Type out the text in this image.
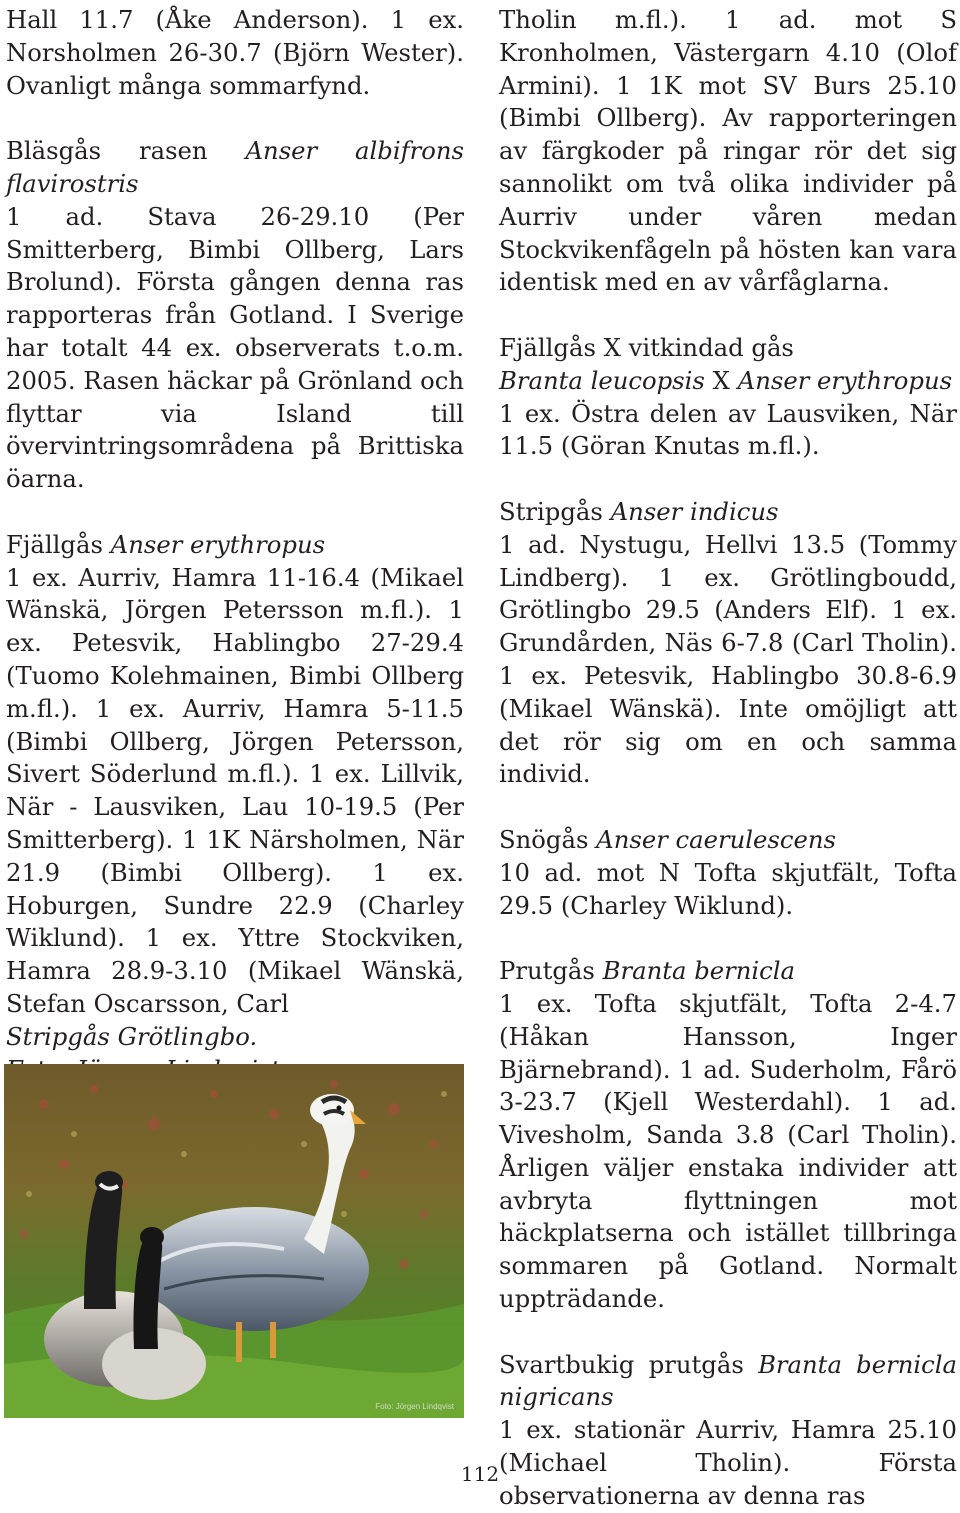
Hall 11.7 (Åke Anderson). 1 ex. Norsholmen 26-30.7 (Björn Wester). Ovanligt många sommarfynd.

Bläsgås rasen Anser albifrons flavirostris

1 ad. Stava 26-29.10 (Per Smitterberg, Bimbi Ollberg, Lars Brolund). Första gången denna ras rapporteras från Gotland. I Sverige har totalt 44 ex. observerats t.o.m. 2005. Rasen häckar på Grönland och flyttar via Island till övervintringsområdena på Brittiska öarna.

Fjällgås Anser erythropus

1 ex. Aurriv, Hamra 11-16.4 (Mikael Wänskä, Jörgen Petersson m.fl.). 1 ex. Petesvik, Hablingbo 27-29.4 (Tuomo Kolehmainen, Bimbi Ollberg m.fl.). 1 ex. Aurriv, Hamra 5-11.5 (Bimbi Ollberg, Jörgen Petersson, Sivert Söderlund m.fl.). 1 ex. Lillvik, När - Lausviken, Lau 10-19.5 (Per Smitterberg). 1 1K Närsholmen, När 21.9 (Bimbi Ollberg). 1 ex. Hoburgen, Sundre 22.9 (Charley Wiklund). 1 ex. Yttre Stockviken, Hamra 28.9-3.10 (Mikael Wänskä, Stefan Oscarsson, Carl

Stripgås Grötlingbo.

Foto: Jörgen Lindqvist

Tholin m.fl.). 1 ad. mot S Kronholmen, Västergarn 4.10 (Olof Armini). 1 1K mot SV Burs 25.10 (Bimbi Ollberg). Av rapporteringen av färgkoder på ringar rör det sig sannolikt om två olika individer på Aurriv under våren medan Stockvikenfågeln på hösten kan vara identisk med en av vårfåglarna.

Fjällgås X vitkindad gås

Branta leucopsis X Anser erythropus

1 ex. Östra delen av Lausviken, När 11.5 (Göran Knutas m.fl.).

Stripgås Anser indicus

1 ad. Nystugu, Hellvi 13.5 (Tommy Lindberg). 1 ex. Grötlingboudd, Grötlingbo 29.5 (Anders Elf). 1 ex. Grundården, Näs 6-7.8 (Carl Tholin). 1 ex. Petesvik, Hablingbo 30.8-6.9 (Mikael Wänskä). Inte omöjligt att det rör sig om en och samma individ.

Snögås Anser caerulescens

10 ad. mot N Tofta skjutfält, Tofta 29.5 (Charley Wiklund).

Prutgås Branta bernicla

1 ex. Tofta skjutfält, Tofta 2-4.7 (Håkan Hansson, Inger Bjärnebrand). 1 ad. Suderholm, Fårö 3-23.7 (Kjell Westerdahl). 1 ad. Vivesholm, Sanda 3.8 (Carl Tholin). Årligen väljer enstaka individer att avbryta flyttningen mot häckplatserna och istället tillbringa sommaren på Gotland. Normalt uppträdande.

Svartbukig prutgås Branta bernicla nigricans

1 ex. stationär Aurriv, Hamra 25.10 (Michael Tholin). Första observationerna av denna ras

112
